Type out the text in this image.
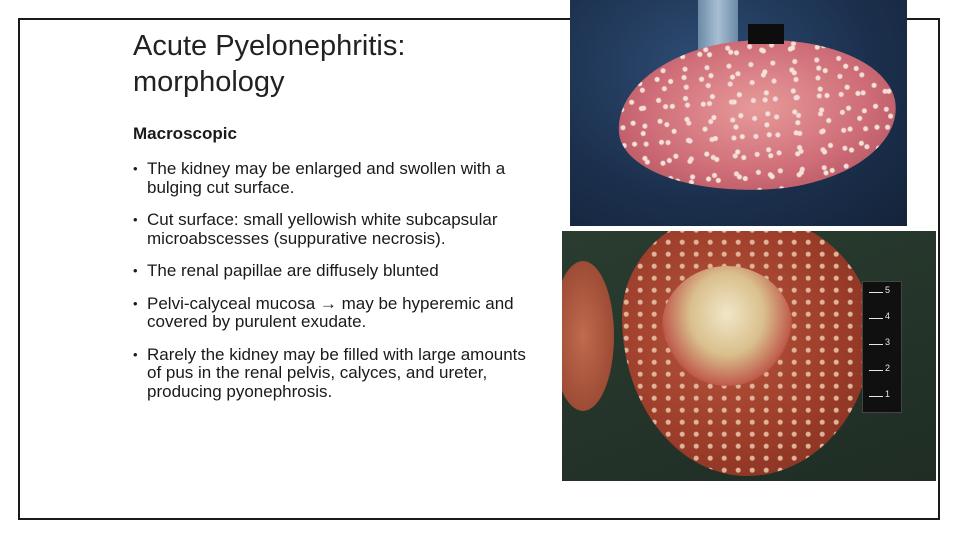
Acute Pyelonephritis:
morphology

Macroscopic

• The kidney may be enlarged and swollen with a bulging cut surface.
• Cut surface: small yellowish white subcapsular microabscesses (suppurative necrosis).
• The renal papillae are diffusely blunted
• Pelvi-calyceal mucosa → may be hyperemic and covered by purulent exudate.
• Rarely the kidney may be filled with large amounts of pus in the renal pelvis, calyces, and ureter, producing pyonephrosis.
5
4
3
2
1
